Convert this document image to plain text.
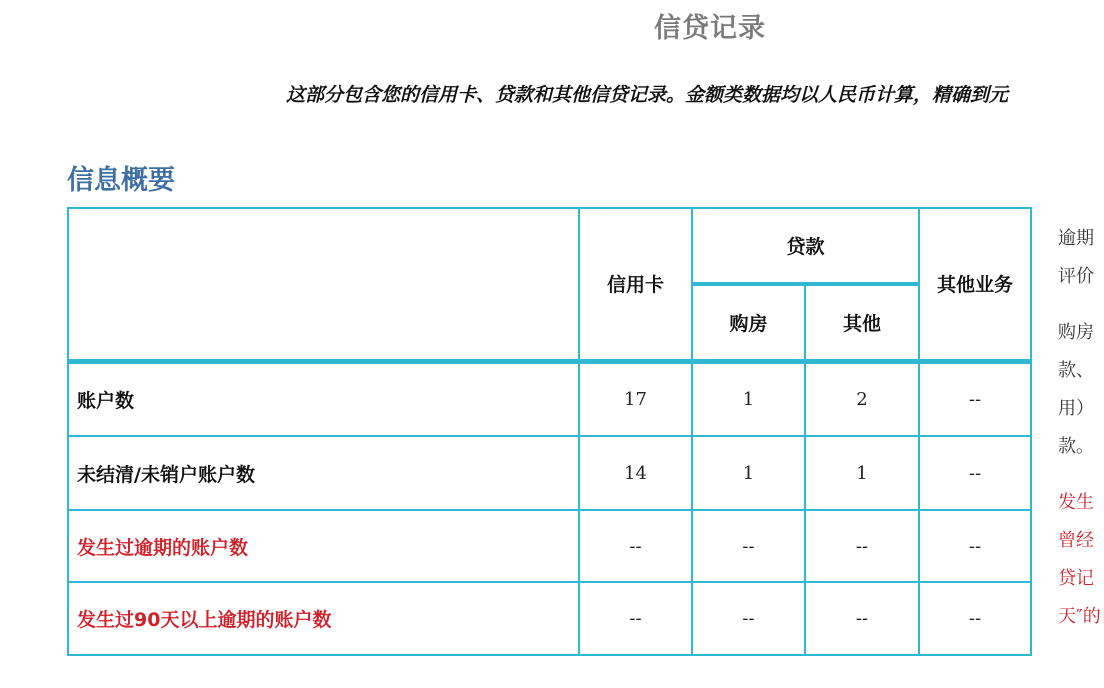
信贷记录
这部分包含您的信用卡、贷款和其他信贷记录。金额类数据均以人民币计算，精确到元
信息概要
	信用卡	贷款		其他业务
		购房	其他	
账户数	17	1	2	--
未结清/未销户账户数	14	1	1	--
发生过逾期的账户数	--	--	--	--
发生过90天以上逾期的账户数	--	--	--	--

逾期
评价

购房
款、
用）
款。

发生
曾经
贷记
天″的
